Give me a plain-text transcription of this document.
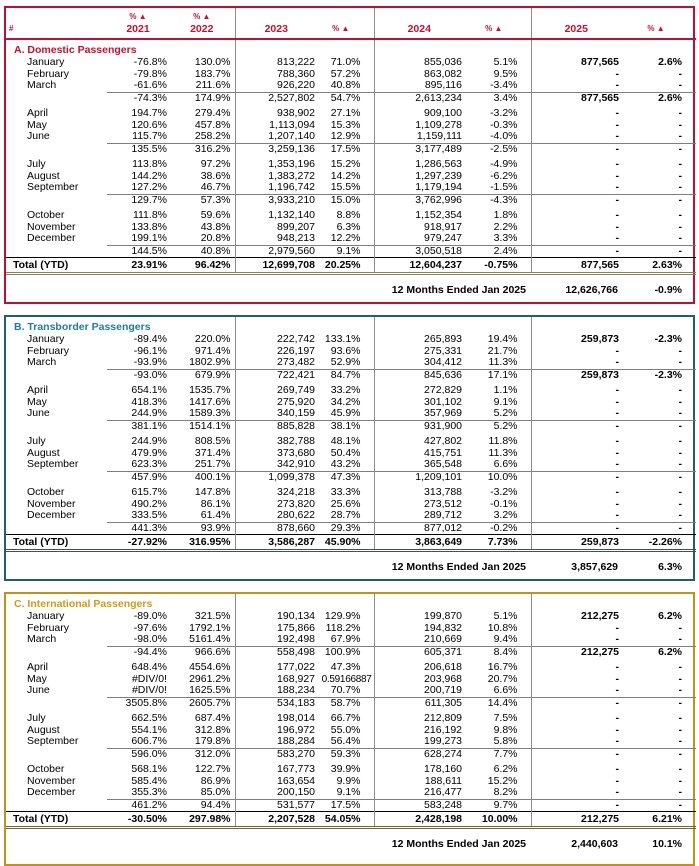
#	% ▲
2021	% ▲
2022	2023	% ▲	2024	% ▲	2025	% ▲
A. Domestic Passengers								
January	-76.8%	130.0%	813,222	71.0%	855,036	5.1%	877,565	2.6%
February	-79.8%	183.7%	788,360	57.2%	863,082	9.5%	-	-
March	-61.6%	211.6%	926,220	40.8%	895,116	-3.4%	-	-
	-74.3%	174.9%	2,527,802	54.7%	2,613,234	3.4%	877,565	2.6%

April	194.7%	279.4%	938,902	27.1%	909,100	-3.2%	-	-
May	120.6%	457.8%	1,113,094	15.3%	1,109,278	-0.3%	-	-
June	115.7%	258.2%	1,207,140	12.9%	1,159,111	-4.0%	-	-
	135.5%	316.2%	3,259,136	17.5%	3,177,489	-2.5%	-	-

July	113.8%	97.2%	1,353,196	15.2%	1,286,563	-4.9%	-	-
August	144.2%	38.6%	1,383,272	14.2%	1,297,239	-6.2%	-	-
September	127.2%	46.7%	1,196,742	15.5%	1,179,194	-1.5%	-	-
	129.7%	57.3%	3,933,210	15.0%	3,762,996	-4.3%	-	-

October	111.8%	59.6%	1,132,140	8.8%	1,152,354	1.8%	-	-
November	133.8%	43.8%	899,207	6.3%	918,917	2.2%	-	-
December	199.1%	20.8%	948,213	12.2%	979,247	3.3%	-	-
	144.5%	40.8%	2,979,560	9.1%	3,050,518	2.4%	-	-
Total (YTD)	23.91%	96.42%	12,699,708	20.25%	12,604,237	-0.75%	877,565	2.63%
12 Months Ended Jan 2025							12,626,766	-0.9%
B. Transborder Passengers								
January	-89.4%	220.0%	222,742	133.1%	265,893	19.4%	259,873	-2.3%
February	-96.1%	971.4%	226,197	93.6%	275,331	21.7%	-	-
March	-93.9%	1802.9%	273,482	52.9%	304,412	11.3%	-	-
	-93.0%	679.9%	722,421	84.7%	845,636	17.1%	259,873	-2.3%

April	654.1%	1535.7%	269,749	33.2%	272,829	1.1%	-	-
May	418.3%	1417.6%	275,920	34.2%	301,102	9.1%	-	-
June	244.9%	1589.3%	340,159	45.9%	357,969	5.2%	-	-
	381.1%	1514.1%	885,828	38.1%	931,900	5.2%	-	-

July	244.9%	808.5%	382,788	48.1%	427,802	11.8%	-	-
August	479.9%	371.4%	373,680	50.4%	415,751	11.3%	-	-
September	623.3%	251.7%	342,910	43.2%	365,548	6.6%	-	-
	457.9%	400.1%	1,099,378	47.3%	1,209,101	10.0%	-	-

October	615.7%	147.8%	324,218	33.3%	313,788	-3.2%	-	-
November	490.2%	86.1%	273,820	25.6%	273,512	-0.1%	-	-
December	333.5%	61.4%	280,622	28.7%	289,712	3.2%	-	-
	441.3%	93.9%	878,660	29.3%	877,012	-0.2%	-	-
Total (YTD)	-27.92%	316.95%	3,586,287	45.90%	3,863,649	7.73%	259,873	-2.26%
12 Months Ended Jan 2025							3,857,629	6.3%
C. International Passengers								
January	-89.0%	321.5%	190,134	129.9%	199,870	5.1%	212,275	6.2%
February	-97.6%	1792.1%	175,866	118.2%	194,832	10.8%	-	-
March	-98.0%	5161.4%	192,498	67.9%	210,669	9.4%	-	-
	-94.4%	966.6%	558,498	100.9%	605,371	8.4%	212,275	6.2%

April	648.4%	4554.6%	177,022	47.3%	206,618	16.7%	-	-
May	#DIV/0!	2961.2%	168,927	0.59166887	203,968	20.7%	-	-
June	#DIV/0!	1625.5%	188,234	70.7%	200,719	6.6%	-	-
	3505.8%	2605.7%	534,183	58.7%	611,305	14.4%	-	-

July	662.5%	687.4%	198,014	66.7%	212,809	7.5%	-	-
August	554.1%	312.8%	196,972	55.0%	216,192	9.8%	-	-
September	606.7%	179.8%	188,284	56.4%	199,273	5.8%	-	-
	596.0%	312.0%	583,270	59.3%	628,274	7.7%	-	-

October	568.1%	122.7%	167,773	39.9%	178,160	6.2%	-	-
November	585.4%	86.9%	163,654	9.9%	188,611	15.2%	-	-
December	355.3%	85.0%	200,150	9.1%	216,477	8.2%	-	-
	461.2%	94.4%	531,577	17.5%	583,248	9.7%	-	-
Total (YTD)	-30.50%	297.98%	2,207,528	54.05%	2,428,198	10.00%	212,275	6.21%
12 Months Ended Jan 2025							2,440,603	10.1%
